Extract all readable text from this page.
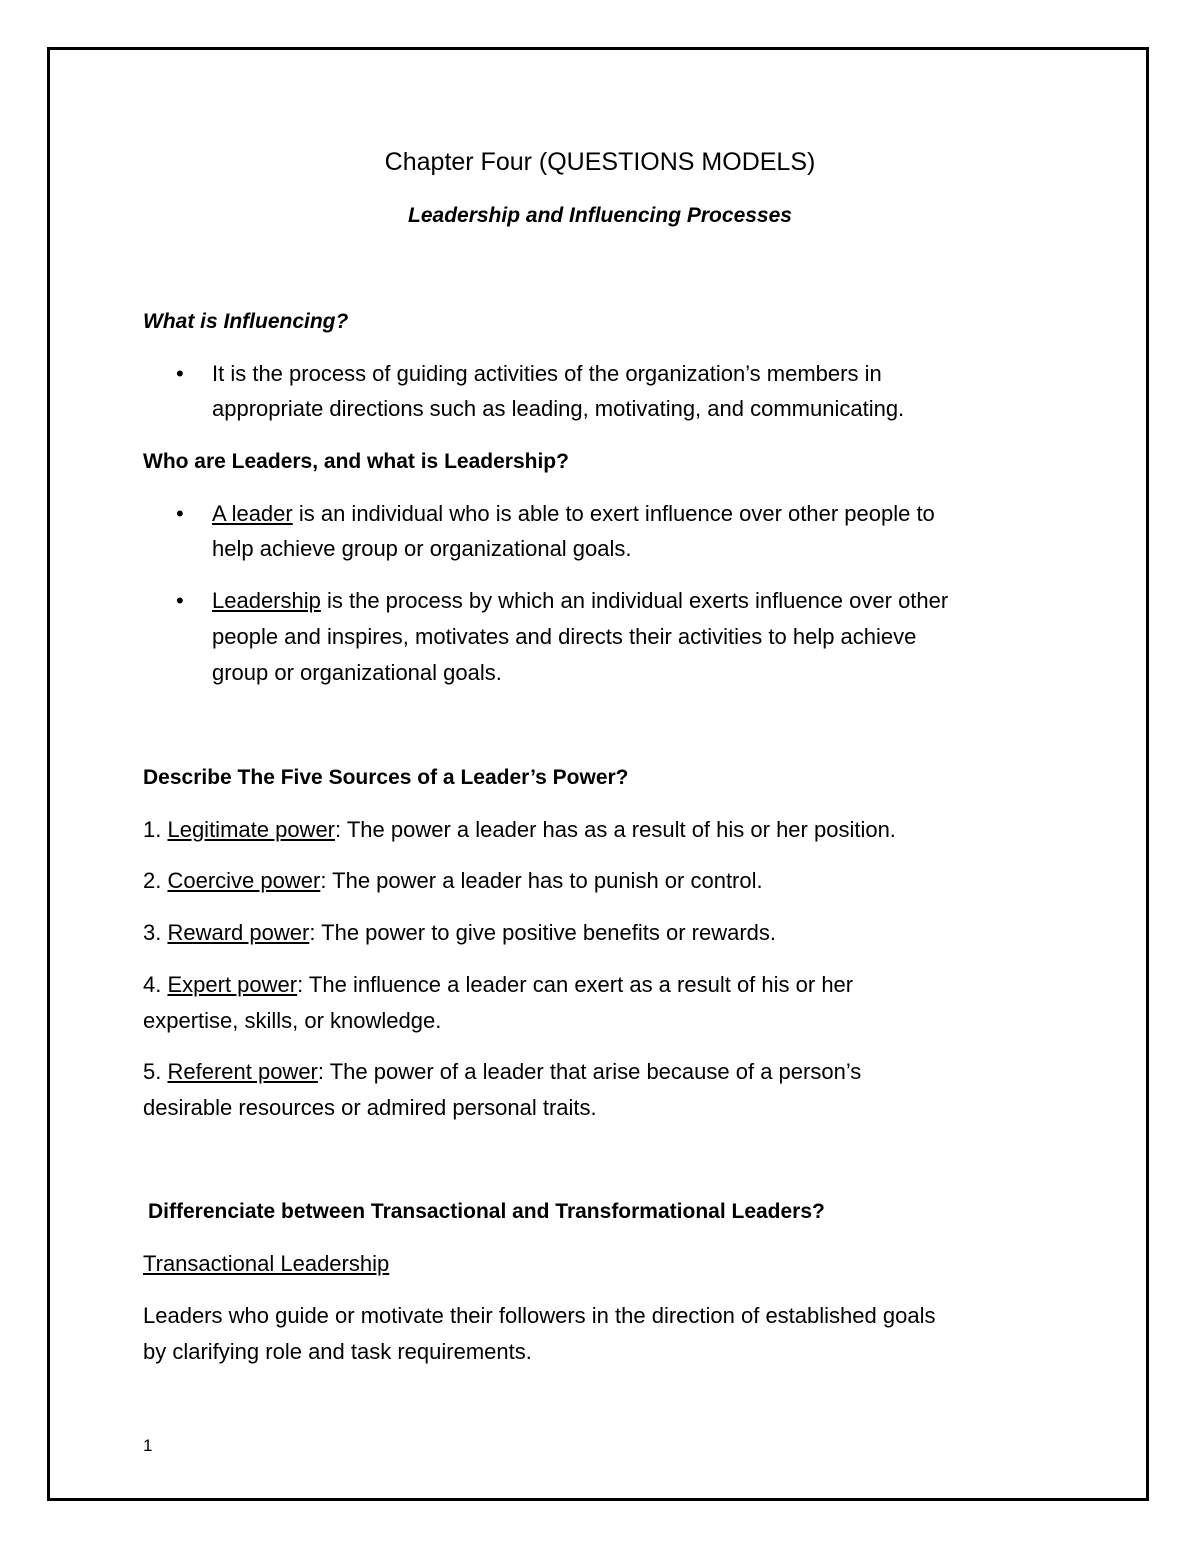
Chapter Four (QUESTIONS MODELS)
Leadership and Influencing Processes
What is Influencing?
• It is the process of guiding activities of the organization’s members in
appropriate directions such as leading, motivating, and communicating.
Who are Leaders, and what is Leadership?
• A leader is an individual who is able to exert influence over other people to
help achieve group or organizational goals.
• Leadership is the process by which an individual exerts influence over other
people and inspires, motivates and directs their activities to help achieve
group or organizational goals.
Describe The Five Sources of a Leader’s Power?
1. Legitimate power: The power a leader has as a result of his or her position.
2. Coercive power: The power a leader has to punish or control.
3. Reward power: The power to give positive benefits or rewards.
4. Expert power: The influence a leader can exert as a result of his or her
expertise, skills, or knowledge.
5. Referent power: The power of a leader that arise because of a person’s
desirable resources or admired personal traits.
Differenciate between Transactional and Transformational Leaders?
Transactional Leadership
Leaders who guide or motivate their followers in the direction of established goals
by clarifying role and task requirements.
1
